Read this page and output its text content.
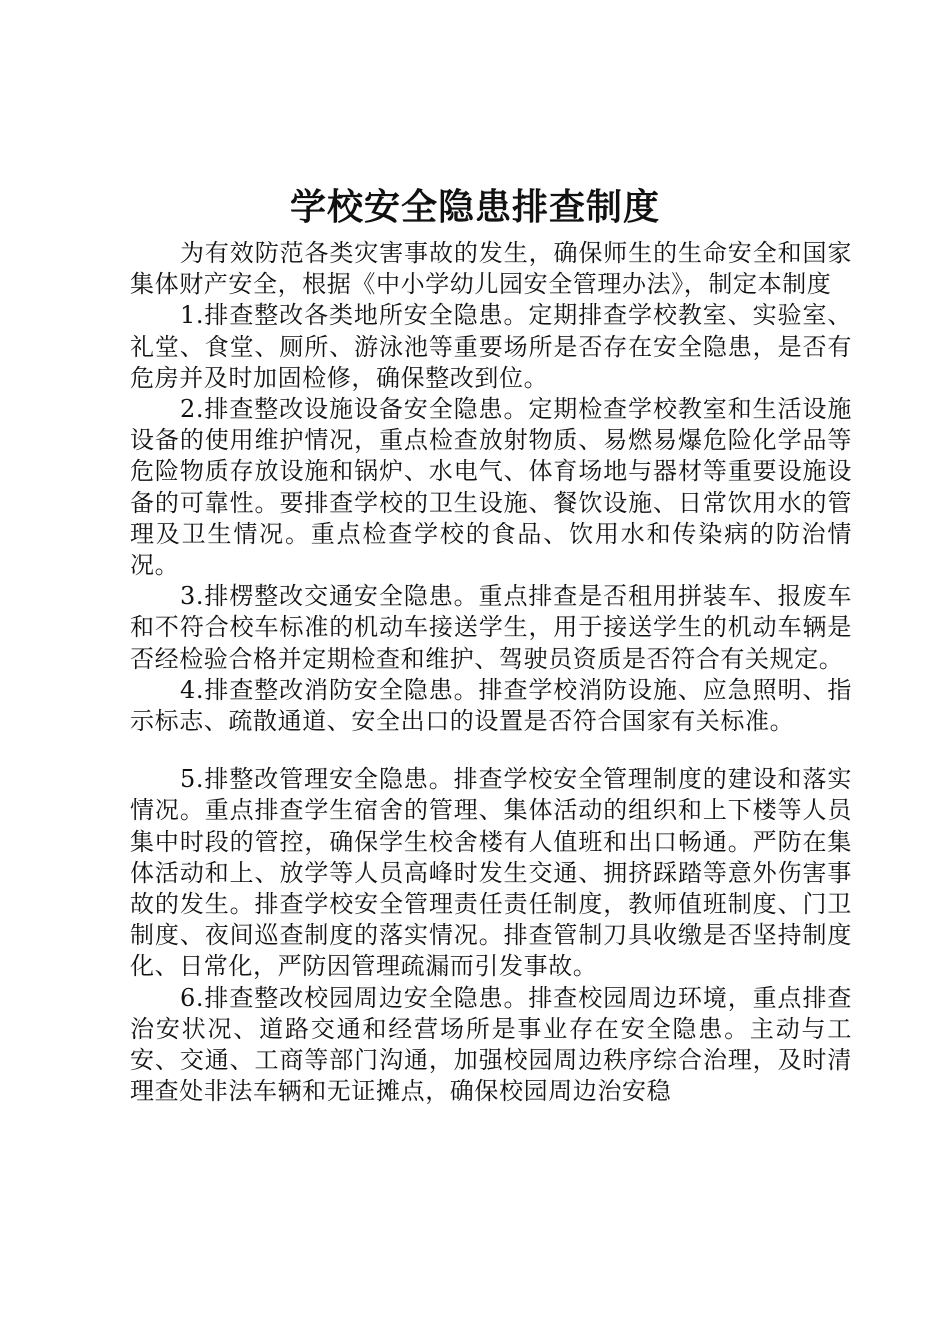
学校安全隐患排查制度

为有效防范各类灾害事故的发生，确保师生的生命安全和国家集体财产安全，根据《中小学幼儿园安全管理办法》，制定本制度

1.排查整改各类地所安全隐患。定期排查学校教室、实验室、礼堂、食堂、厕所、游泳池等重要场所是否存在安全隐患，是否有危房并及时加固检修，确保整改到位。

2.排查整改设施设备安全隐患。定期检查学校教室和生活设施设备的使用维护情况，重点检查放射物质、易燃易爆危险化学品等危险物质存放设施和锅炉、水电气、体育场地与器材等重要设施设备的可靠性。要排查学校的卫生设施、餐饮设施、日常饮用水的管理及卫生情况。重点检查学校的食品、饮用水和传染病的防治情况。

3.排楞整改交通安全隐患。重点排查是否租用拼装车、报废车和不符合校车标准的机动车接送学生，用于接送学生的机动车辆是否经检验合格并定期检查和维护、驾驶员资质是否符合有关规定。

4.排查整改消防安全隐患。排查学校消防设施、应急照明、指示标志、疏散通道、安全出口的设置是否符合国家有关标准。

5.排整改管理安全隐患。排查学校安全管理制度的建设和落实情况。重点排查学生宿舍的管理、集体活动的组织和上下楼等人员集中时段的管控，确保学生校舍楼有人值班和出口畅通。严防在集体活动和上、放学等人员高峰时发生交通、拥挤踩踏等意外伤害事故的发生。排查学校安全管理责任责任制度，教师值班制度、门卫制度、夜间巡查制度的落实情况。排查管制刀具收缴是否坚持制度化、日常化，严防因管理疏漏而引发事故。

6.排查整改校园周边安全隐患。排查校园周边环境，重点排查治安状况、道路交通和经营场所是事业存在安全隐患。主动与工安、交通、工商等部门沟通，加强校园周边秩序综合治理，及时清理查处非法车辆和无证摊点，确保校园周边治安稳
